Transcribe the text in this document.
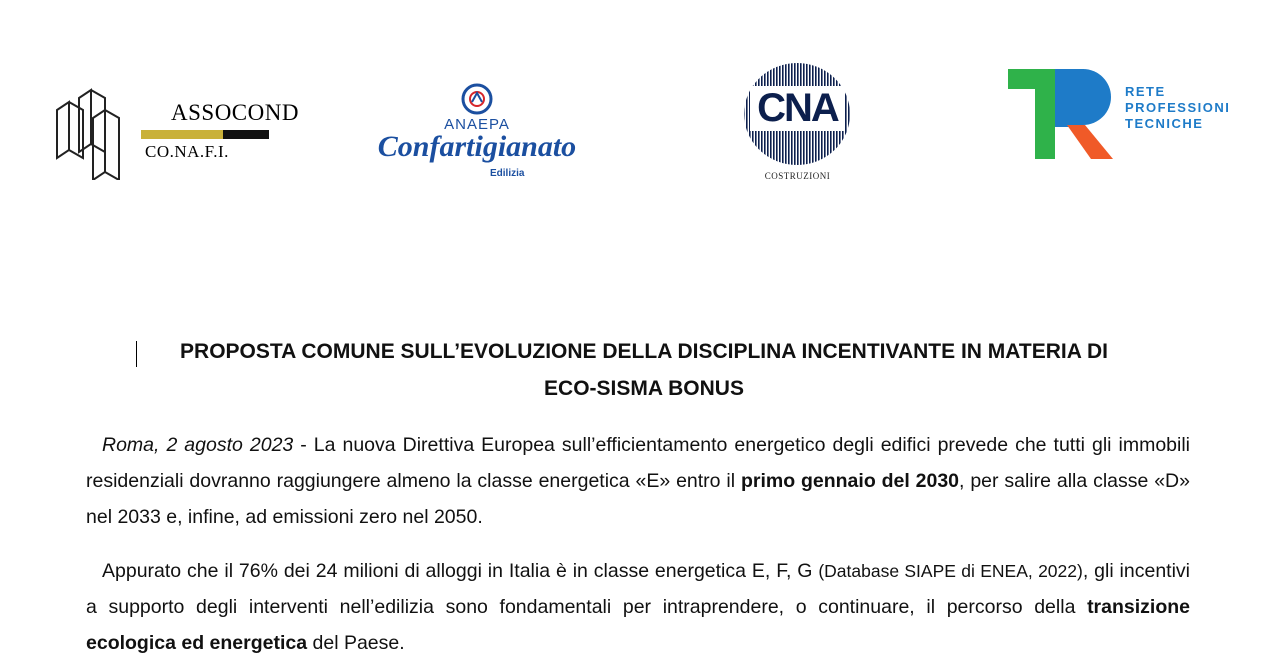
ASSOCOND
CO.NA.F.I.
ANAEPA
Confartigianato
Edilizia
CNA
COSTRUZIONI
RETE
PROFESSIONI
TECNICHE
PROPOSTA COMUNE SULL’EVOLUZIONE DELLA DISCIPLINA INCENTIVANTE IN MATERIA DI
ECO-SISMA BONUS
Roma, 2 agosto 2023 - La nuova Direttiva Europea sull’efficientamento energetico degli edifici prevede che tutti gli immobili residenziali dovranno raggiungere almeno la classe energetica «E» entro il primo gennaio del 2030, per salire alla classe «D» nel 2033 e, infine, ad emissioni zero nel 2050.
Appurato che il 76% dei 24 milioni di alloggi in Italia è in classe energetica E, F, G (Database SIAPE di ENEA, 2022), gli incentivi a supporto degli interventi nell’edilizia sono fondamentali per intraprendere, o continuare, il percorso della transizione ecologica ed energetica del Paese.
